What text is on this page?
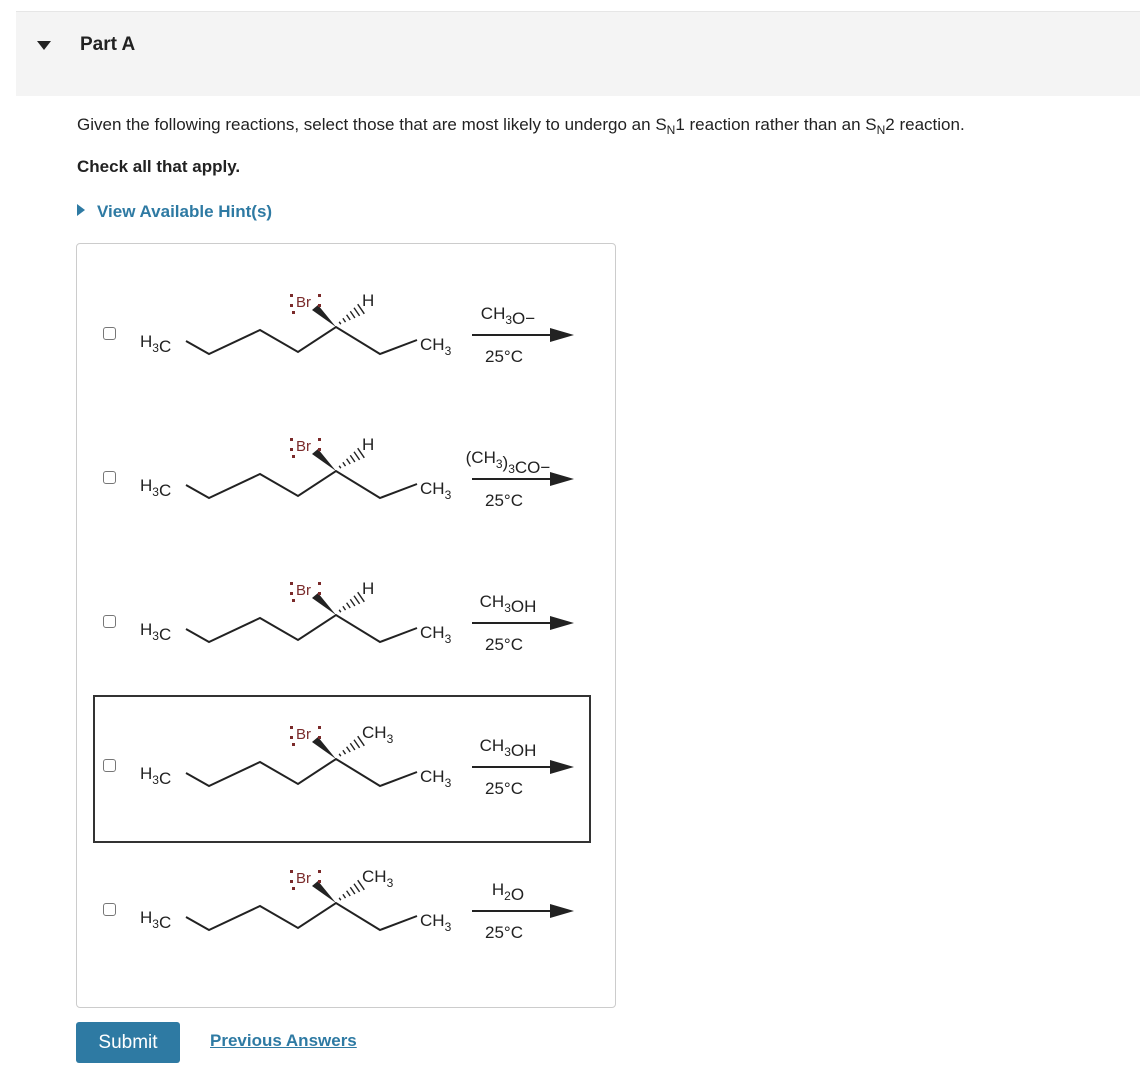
Part A
Given the following reactions, select those that are most likely to undergo an $S_N1$ reaction rather than an $S_N2$ reaction.
Check all that apply.
View Available Hint(s)
$H_3C$
Br	H
$CH_3$
$CH_3O-$
25°C
$H_3C$
Br	H
$CH_3$
$(CH_3)_3CO-$
25°C
$H_3C$
Br	H
$CH_3$
$CH_3OH$
25°C
$H_3C$
Br	$CH_3$
$CH_3$
$CH_3OH$
25°C
$H_3C$
Br	$CH_3$
$CH_3$
$H_2O$
25°C
Submit	Previous Answers
